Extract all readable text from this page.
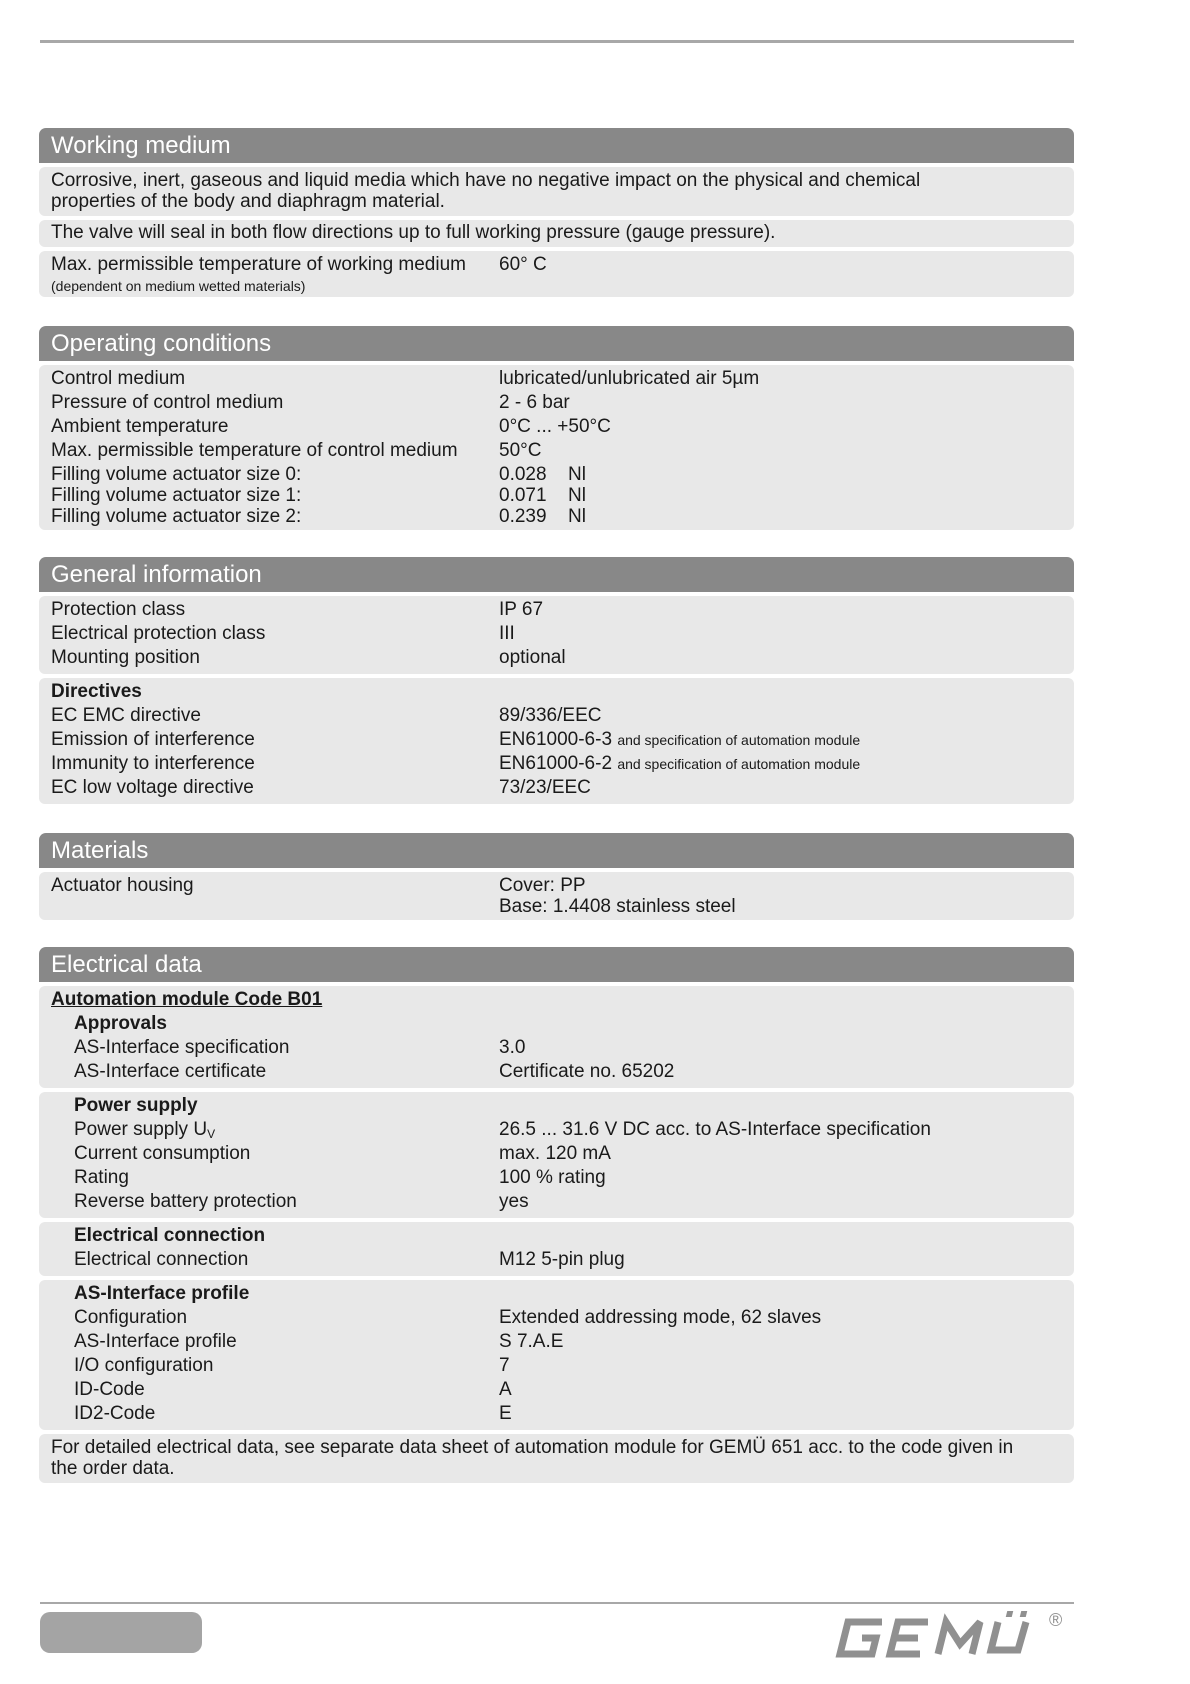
Working medium
Corrosive, inert, gaseous and liquid media which have no negative impact on the physical and chemical properties of the body and diaphragm material.
The valve will seal in both flow directions up to full working pressure (gauge pressure).
Max. permissible temperature of working medium 60° C
(dependent on medium wetted materials)
Operating conditions
Control medium	lubricated/unlubricated air 5µm
Pressure of control medium	2 - 6 bar
Ambient temperature	0°C ... +50°C
Max. permissible temperature of control medium 50°C
Filling volume actuator size 0:	0.028 Nl
Filling volume actuator size 1:	0.071 Nl
Filling volume actuator size 2:	0.239 Nl
General information
Protection class	IP 67
Electrical protection class	III
Mounting position	optional
Directives
EC EMC directive	89/336/EEC
Emission of interference	EN61000-6-3 and specification of automation module
Immunity to interference	EN61000-6-2 and specification of automation module
EC low voltage directive	73/23/EEC
Materials
Actuator housing	Cover: PP
Base: 1.4408 stainless steel
Electrical data
Automation module Code B01
Approvals
AS-Interface specification	3.0
AS-Interface certificate	Certificate no. 65202
Power supply
Power supply $U_V$	26.5 ... 31.6 V DC acc. to AS-Interface specification
Current consumption	max. 120 mA
Rating	100 % rating
Reverse battery protection	yes
Electrical connection
Electrical connection	M12 5-pin plug
AS-Interface profile
Configuration	Extended addressing mode, 62 slaves
AS-Interface profile	S 7.A.E
I/O configuration	7
ID-Code	A
ID2-Code	E
For detailed electrical data, see separate data sheet of automation module for GEMÜ 651 acc. to the code given in the order data.
®
